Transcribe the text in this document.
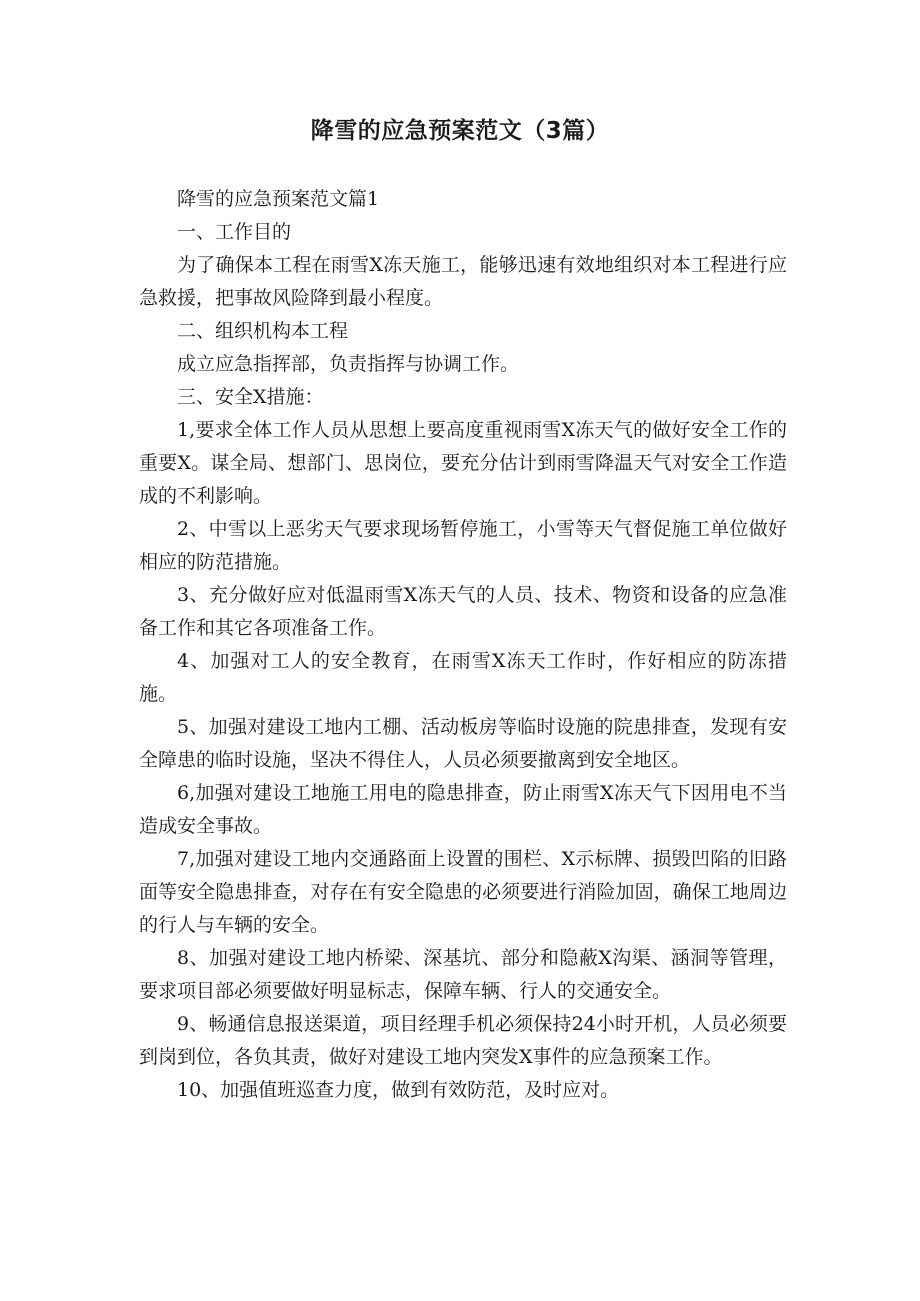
降雪的应急预案范文（3篇）

降雪的应急预案范文篇1

一、工作目的

为了确保本工程在雨雪X冻天施工，能够迅速有效地组织对本工程进行应急救援，把事故风险降到最小程度。

二、组织机构本工程

成立应急指挥部，负责指挥与协调工作。

三、安全X措施：

1,要求全体工作人员从思想上要高度重视雨雪X冻天气的做好安全工作的重要X。谋全局、想部门、思岗位，要充分估计到雨雪降温天气对安全工作造成的不利影响。

2、中雪以上恶劣天气要求现场暂停施工，小雪等天气督促施工单位做好相应的防范措施。

3、充分做好应对低温雨雪X冻天气的人员、技术、物资和设备的应急准备工作和其它各项准备工作。

4、加强对工人的安全教育，在雨雪X冻天工作时，作好相应的防冻措施。

5、加强对建设工地内工棚、活动板房等临时设施的院患排查，发现有安全障患的临时设施，坚决不得住人，人员必须要撤离到安全地区。

6,加强对建设工地施工用电的隐患排查，防止雨雪X冻天气下因用电不当造成安全事故。

7,加强对建设工地内交通路面上设置的围栏、X示标牌、损毁凹陷的旧路面等安全隐患排查，对存在有安全隐患的必须要进行消险加固，确保工地周边的行人与车辆的安全。

8、加强对建设工地内桥梁、深基坑、部分和隐蔽X沟渠、涵洞等管理，要求项目部必须要做好明显标志，保障车辆、行人的交通安全。

9、畅通信息报送渠道，项目经理手机必须保持24小时开机，人员必须要到岗到位，各负其责，做好对建设工地内突发X事件的应急预案工作。

10、加强值班巡查力度，做到有效防范，及时应对。
